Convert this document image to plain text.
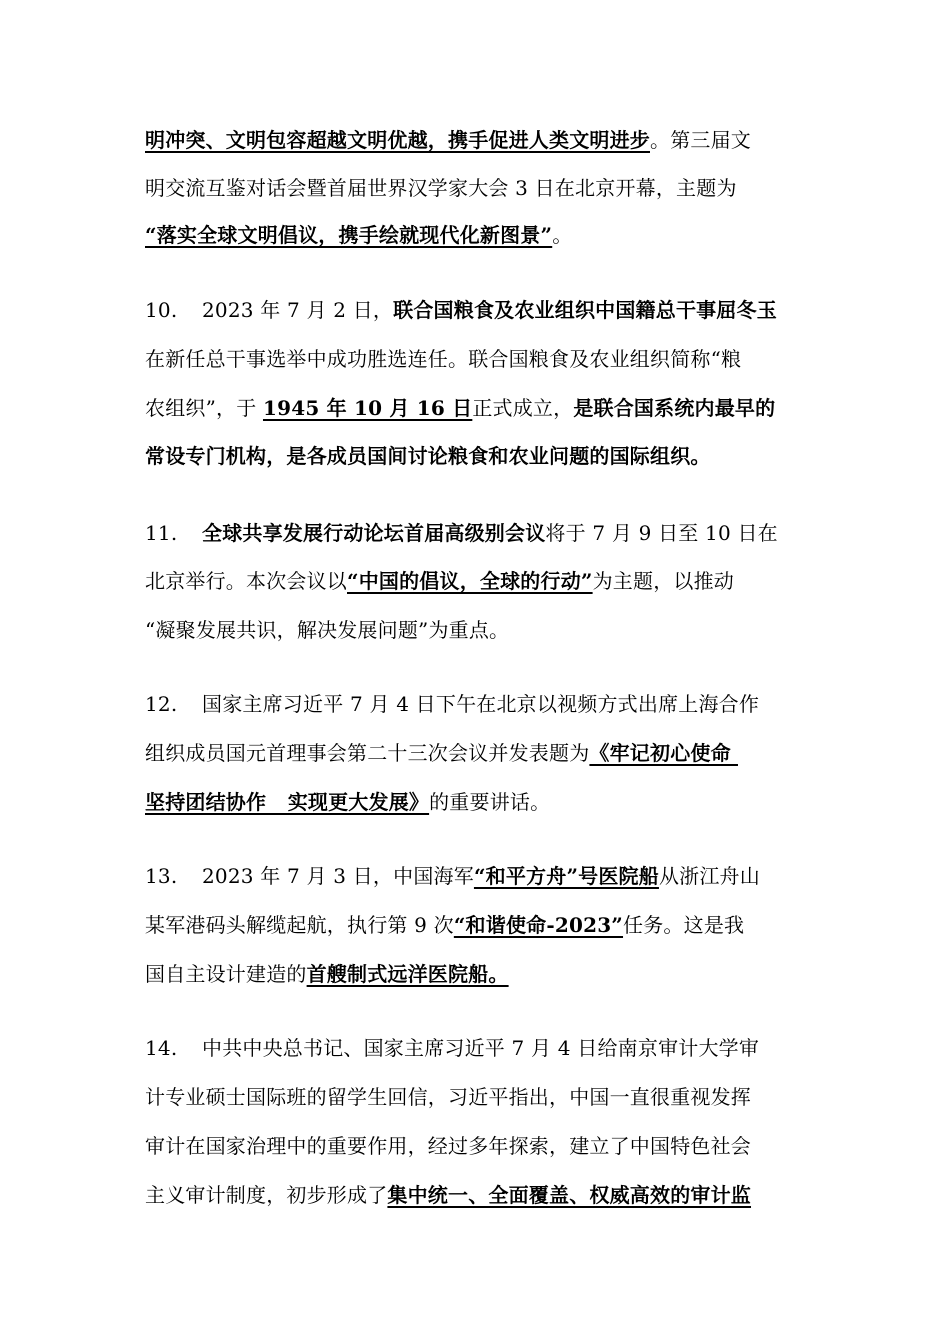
明冲突、文明包容超越文明优越，携手促进人类文明进步。第三届文
明交流互鉴对话会暨首届世界汉学家大会 3 日在北京开幕，主题为
“落实全球文明倡议，携手绘就现代化新图景”。
10. 2023 年 7 月 2 日，联合国粮食及农业组织中国籍总干事屈冬玉
在新任总干事选举中成功胜选连任。联合国粮食及农业组织简称“粮
农组织”，于 1945 年 10 月 16 日正式成立，是联合国系统内最早的
常设专门机构，是各成员国间讨论粮食和农业问题的国际组织。
11. 全球共享发展行动论坛首届高级别会议将于 7 月 9 日至 10 日在
北京举行。本次会议以“中国的倡议，全球的行动”为主题，以推动
“凝聚发展共识，解决发展问题”为重点。
12. 国家主席习近平 7 月 4 日下午在北京以视频方式出席上海合作
组织成员国元首理事会第二十三次会议并发表题为《牢记初心使命
坚持团结协作   实现更大发展》的重要讲话。
13. 2023 年 7 月 3 日，中国海军“和平方舟”号医院船从浙江舟山
某军港码头解缆起航，执行第 9 次“和谐使命-2023”任务。这是我
国自主设计建造的首艘制式远洋医院船。
14. 中共中央总书记、国家主席习近平 7 月 4 日给南京审计大学审
计专业硕士国际班的留学生回信，习近平指出，中国一直很重视发挥
审计在国家治理中的重要作用，经过多年探索，建立了中国特色社会
主义审计制度，初步形成了集中统一、全面覆盖、权威高效的审计监
